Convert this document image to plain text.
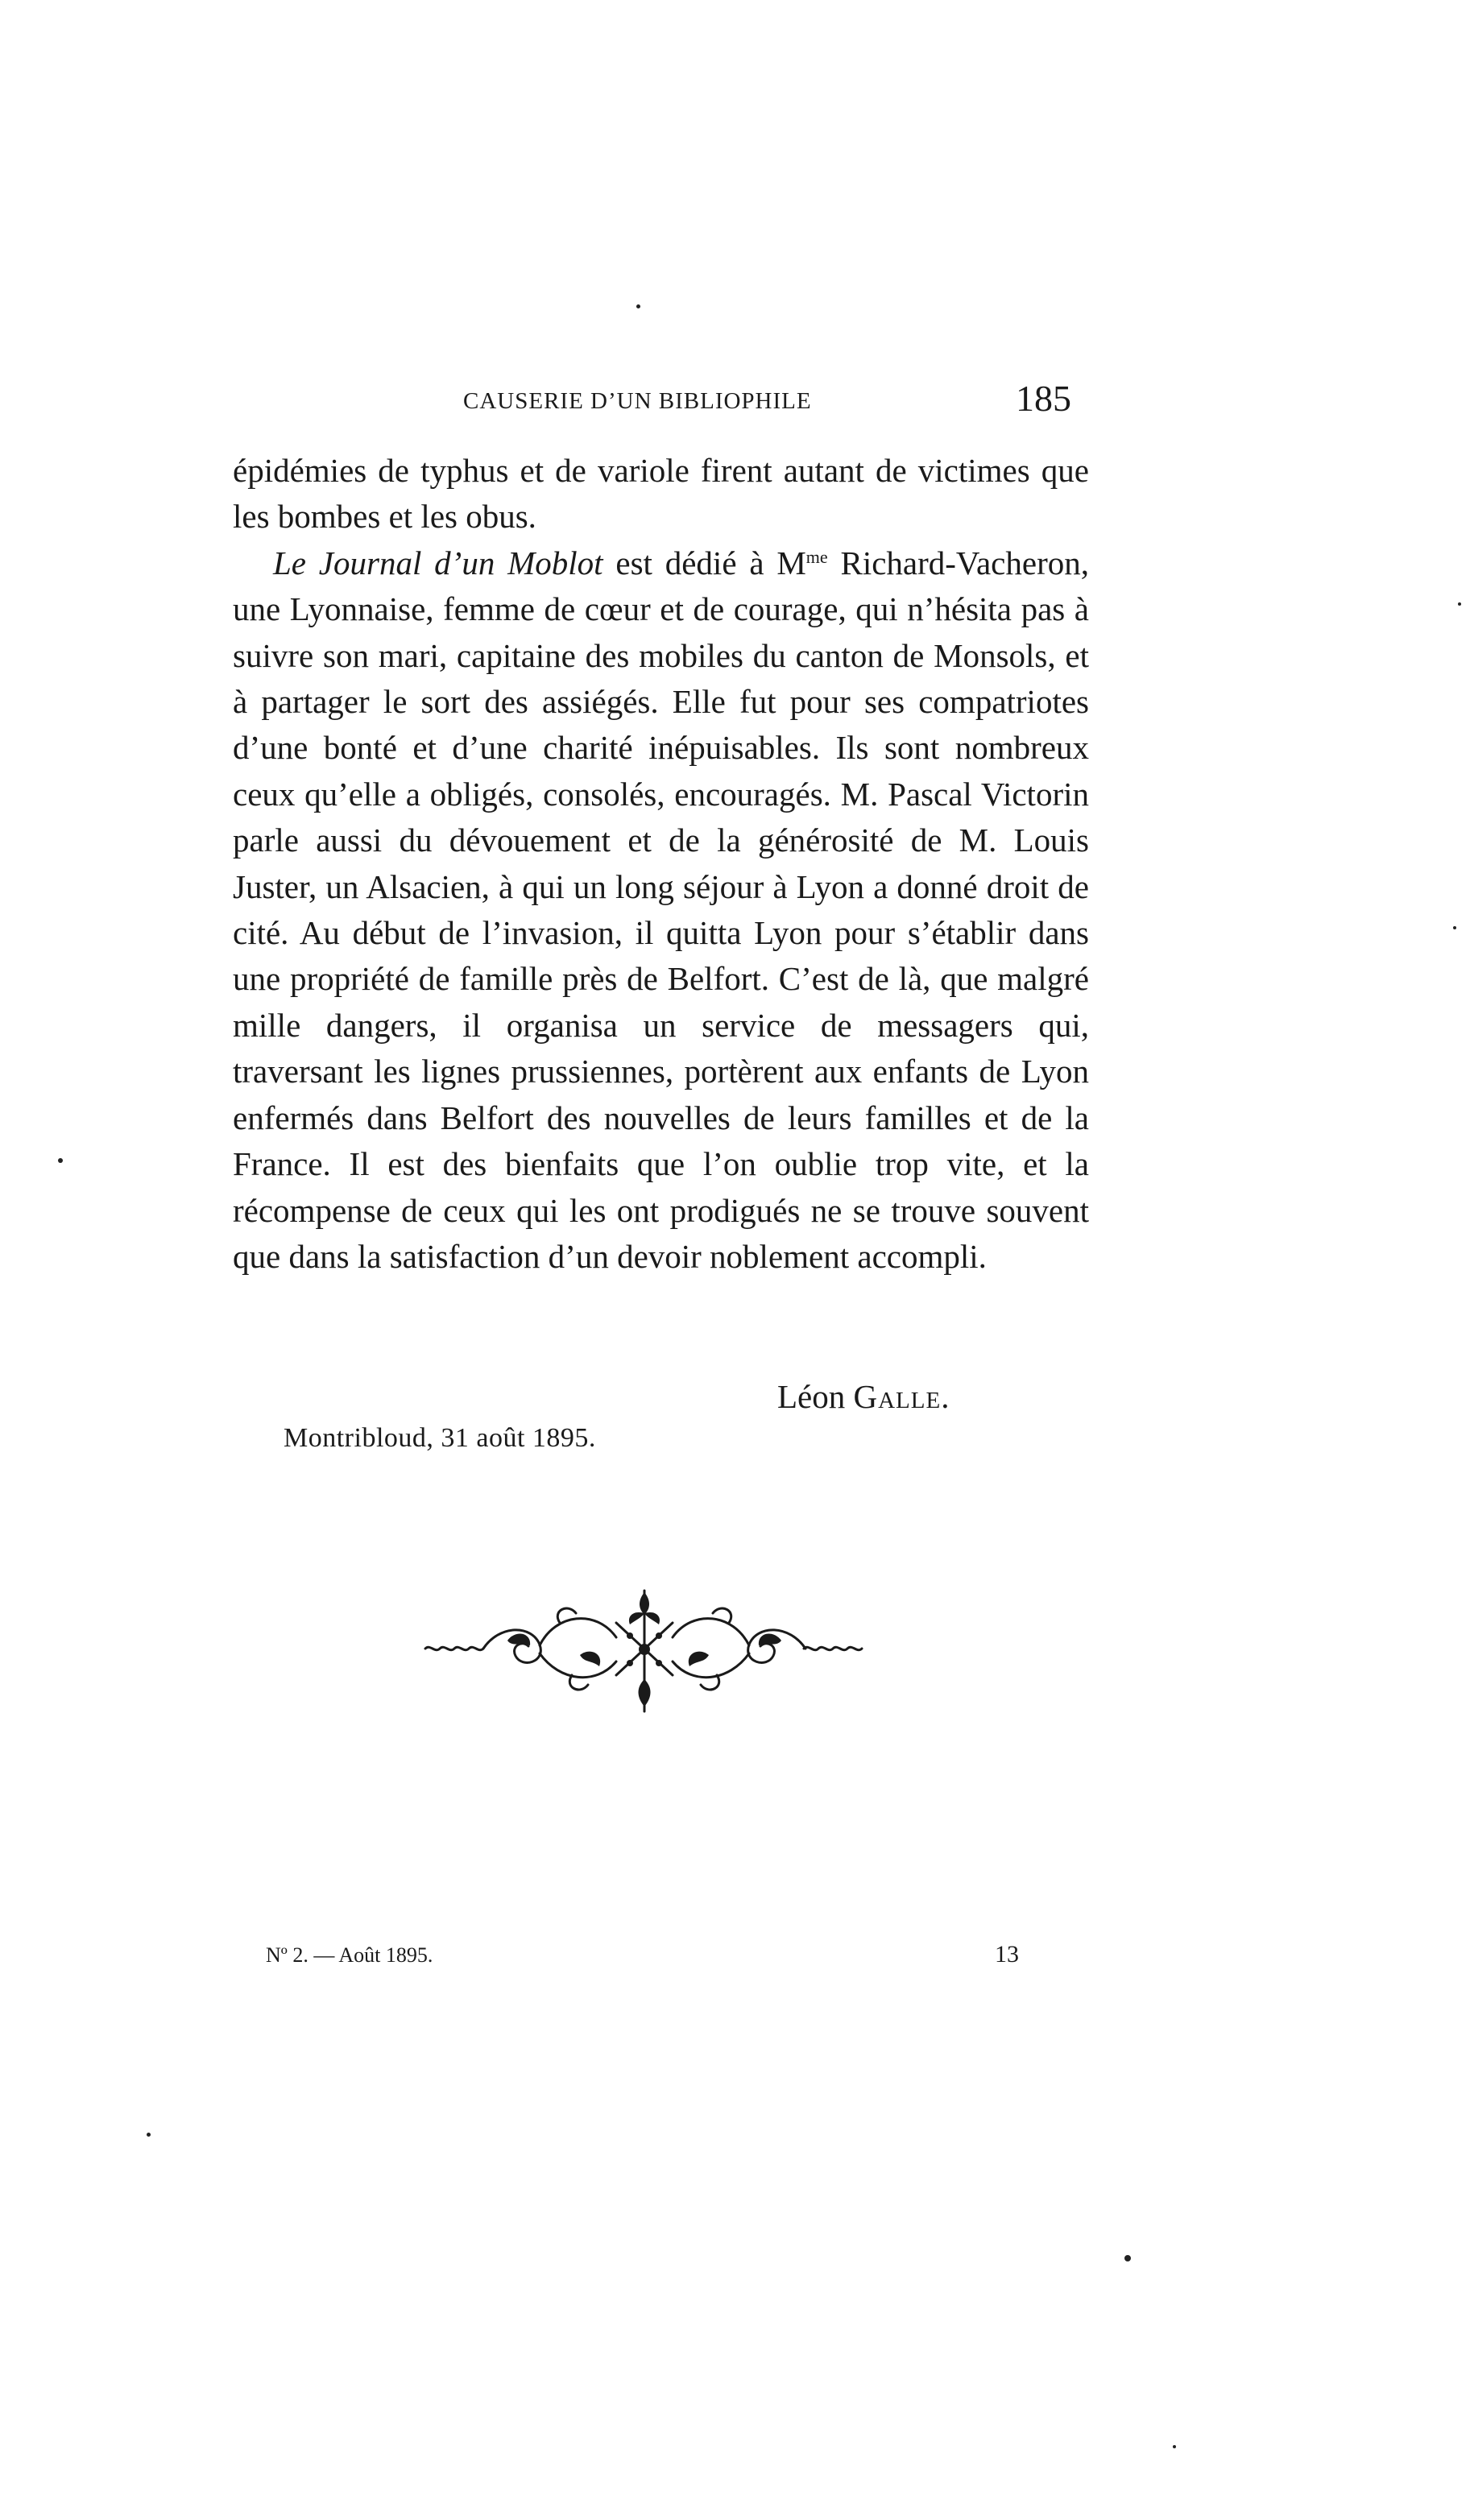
CAUSERIE D’UN BIBLIOPHILE	185

épidémies de typhus et de variole firent autant de victimes que les bombes et les obus.

Le Journal d’un Moblot est dédié à $M^{me}$ Richard-Vacheron, une Lyonnaise, femme de cœur et de courage, qui n’hésita pas à suivre son mari, capitaine des mobiles du canton de Monsols, et à partager le sort des assiégés. Elle fut pour ses compatriotes d’une bonté et d’une charité inépuisables. Ils sont nombreux ceux qu’elle a obligés, consolés, encouragés. M. Pascal Victorin parle aussi du dévouement et de la générosité de M. Louis Juster, un Alsacien, à qui un long séjour à Lyon a donné droit de cité. Au début de l’invasion, il quitta Lyon pour s’établir dans une propriété de famille près de Belfort. C’est de là, que malgré mille dangers, il organisa un service de messagers qui, traversant les lignes prussiennes, portèrent aux enfants de Lyon enfermés dans Belfort des nouvelles de leurs familles et de la France. Il est des bienfaits que l’on oublie trop vite, et la récompense de ceux qui les ont prodigués ne se trouve souvent que dans la satisfaction d’un devoir noblement accompli.

Léon Galle.
Montribloud, 31 août 1895.
Nº 2. — Août 1895.	13
